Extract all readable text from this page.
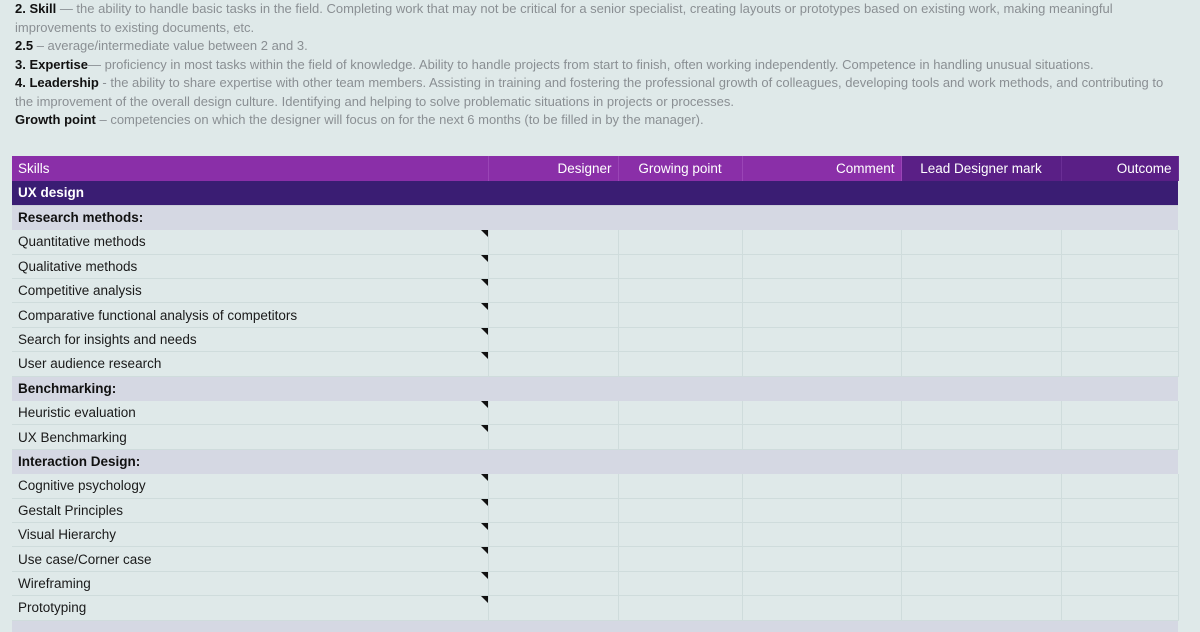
2. Skill — the ability to handle basic tasks in the field. Completing work that may not be critical for a senior specialist, creating layouts or prototypes based on existing work, making meaningful improvements to existing documents, etc.

2.5 – average/intermediate value between 2 and 3.

3. Expertise— proficiency in most tasks within the field of knowledge. Ability to handle projects from start to finish, often working independently. Competence in handling unusual situations.

4. Leadership - the ability to share expertise with other team members. Assisting in training and fostering the professional growth of colleagues, developing tools and work methods, and contributing to the improvement of the overall design culture. Identifying and helping to solve problematic situations in projects or processes.

Growth point – competencies on which the designer will focus on for the next 6 months (to be filled in by the manager).

Skills	Designer	Growing point	Comment	Lead Designer mark	Outcome
UX design					
Research methods:					
Quantitative methods

Qualitative methods

Competitive analysis

Comparative functional analysis of competitors

Search for insights and needs

User audience research

Benchmarking:					
Heuristic evaluation

UX Benchmarking

Interaction Design:					
Cognitive psychology

Gestalt Principles

Visual Hierarchy

Use case/Corner case

Wireframing

Prototyping
